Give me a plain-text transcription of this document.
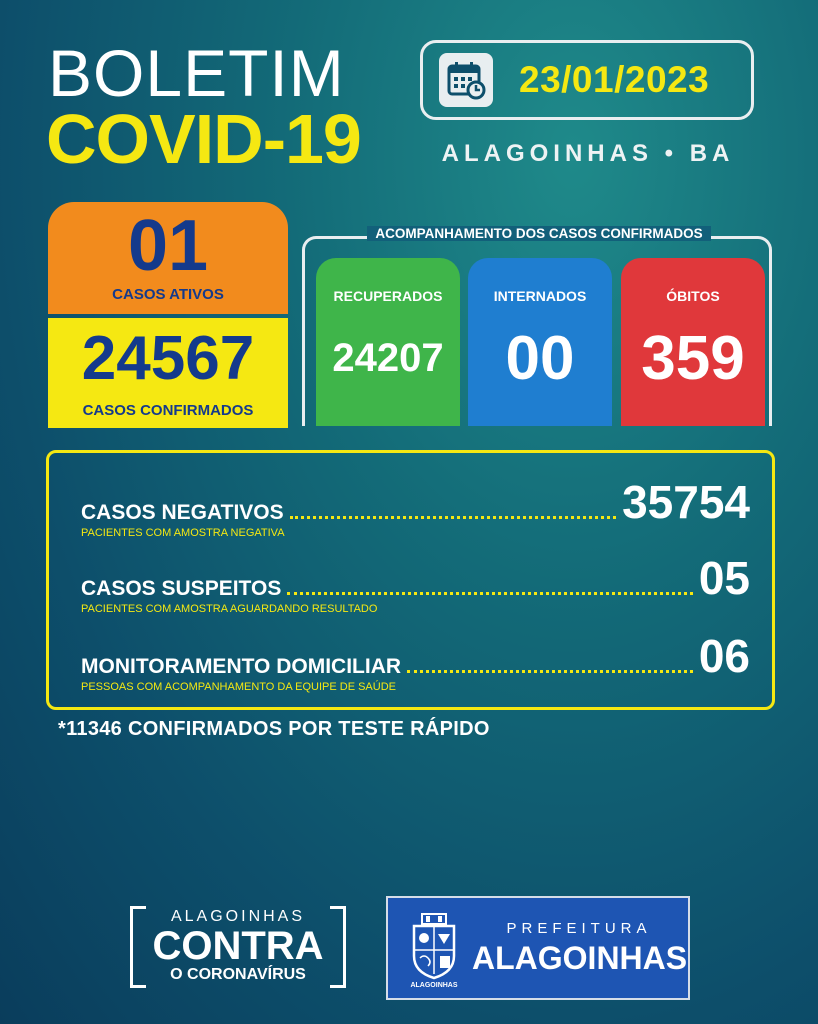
BOLETIM
COVID-19
23/01/2023
ALAGOINHAS • BA
01
CASOS ATIVOS
24567
CASOS CONFIRMADOS
ACOMPANHAMENTO DOS CASOS CONFIRMADOS
RECUPERADOS
24207
INTERNADOS
00
ÓBITOS
359
CASOS NEGATIVOS	35754
PACIENTES COM AMOSTRA NEGATIVA
CASOS SUSPEITOS	05
PACIENTES COM AMOSTRA AGUARDANDO RESULTADO
MONITORAMENTO DOMICILIAR	06
PESSOAS COM ACOMPANHAMENTO DA EQUIPE DE SAÚDE
*11346 CONFIRMADOS POR TESTE RÁPIDO
ALAGOINHAS
CONTRA
O CORONAVÍRUS
ALAGOINHAS
PREFEITURA
ALAGOINHAS
